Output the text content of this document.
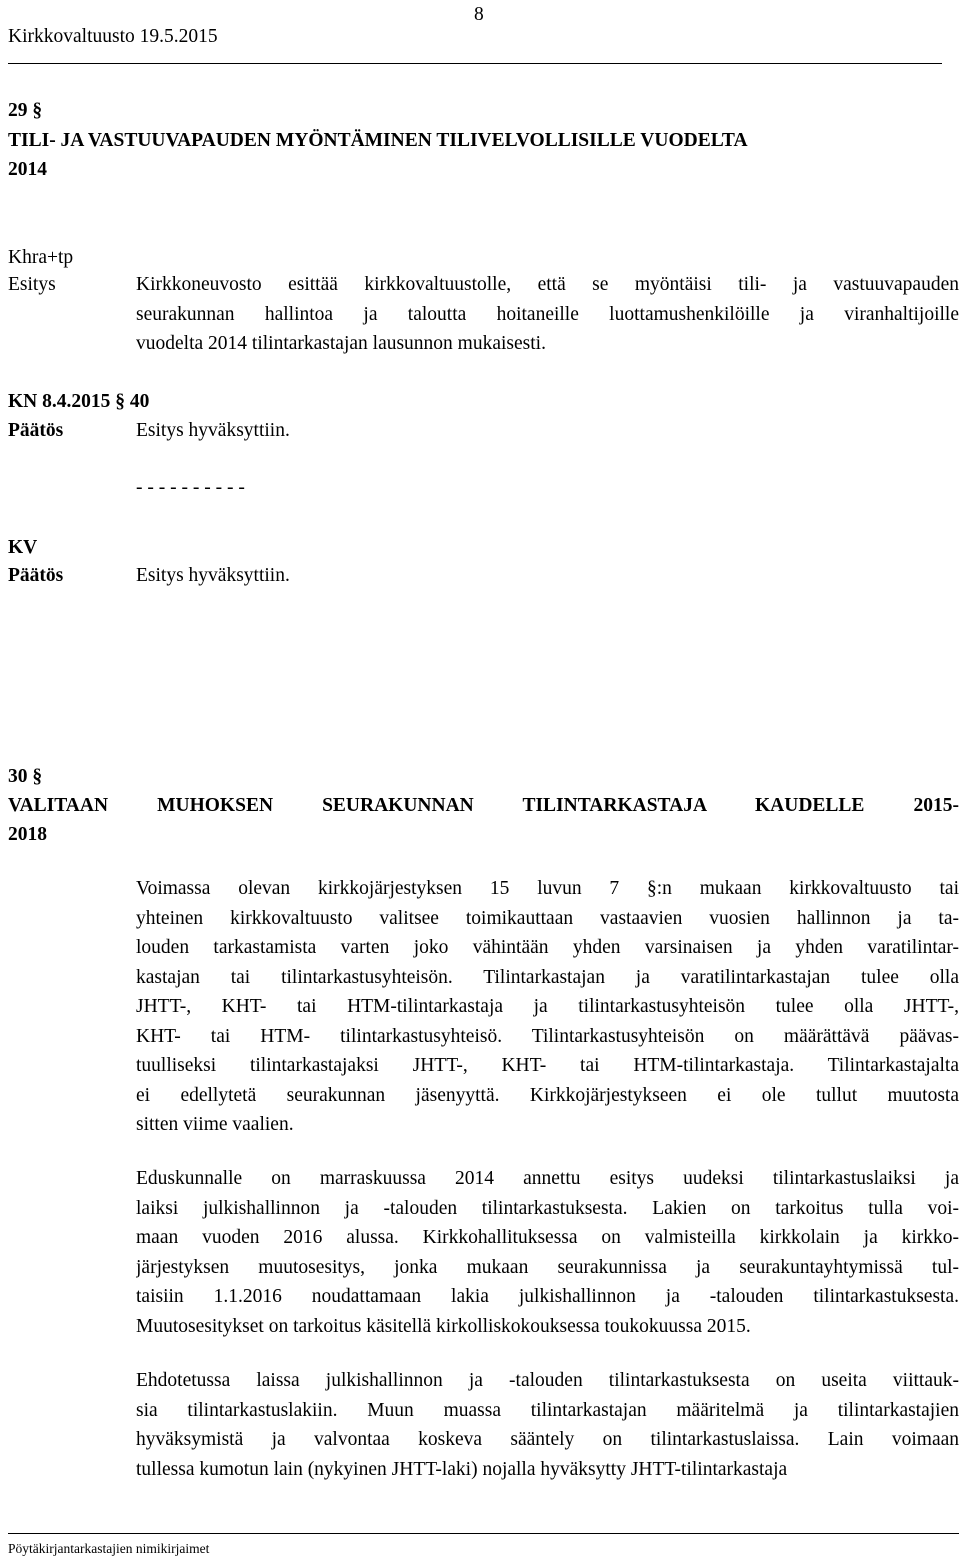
8
Kirkkovaltuusto 19.5.2015
29 §
TILI- JA VASTUUVAPAUDEN MYÖNTÄMINEN TILIVELVOLLISILLE VUODELTA
2014
Khra+tp
Esitys	Kirkkoneuvosto esittää kirkkovaltuustolle, että se myöntäisi tili- ja vastuuvapauden
seurakunnan hallintoa ja taloutta hoitaneille luottamushenkilöille ja viranhaltijoille
vuodelta 2014 tilintarkastajan lausunnon mukaisesti.
KN 8.4.2015 § 40
Päätös	Esitys hyväksyttiin.
- - - - - - - - - -
KV
Päätös	Esitys hyväksyttiin.
30 §
VALITAAN MUHOKSEN SEURAKUNNAN TILINTARKASTAJA KAUDELLE 2015-
2018
Voimassa olevan kirkkojärjestyksen 15 luvun 7 §:n mukaan kirkkovaltuusto tai
yhteinen kirkkovaltuusto valitsee toimikauttaan vastaavien vuosien hallinnon ja ta-
louden tarkastamista varten joko vähintään yhden varsinaisen ja yhden varatilintar-
kastajan tai tilintarkastusyhteisön. Tilintarkastajan ja varatilintarkastajan tulee olla
JHTT-, KHT- tai HTM-tilintarkastaja ja tilintarkastusyhteisön tulee olla JHTT-,
KHT- tai HTM- tilintarkastusyhteisö. Tilintarkastusyhteisön on määrättävä päävas-
tuulliseksi tilintarkastajaksi JHTT-, KHT- tai HTM-tilintarkastaja. Tilintarkastajalta
ei edellytetä seurakunnan jäsenyyttä. Kirkkojärjestykseen ei ole tullut muutosta
sitten viime vaalien.
Eduskunnalle on marraskuussa 2014 annettu esitys uudeksi tilintarkastuslaiksi ja
laiksi julkishallinnon ja -talouden tilintarkastuksesta. Lakien on tarkoitus tulla voi-
maan vuoden 2016 alussa. Kirkkohallituksessa on valmisteilla kirkkolain ja kirkko-
järjestyksen muutosesitys, jonka mukaan seurakunnissa ja seurakuntayhtymissä tul-
taisiin 1.1.2016 noudattamaan lakia julkishallinnon ja -talouden tilintarkastuksesta.
Muutosesitykset on tarkoitus käsitellä kirkolliskokouksessa toukokuussa 2015.
Ehdotetussa laissa julkishallinnon ja -talouden tilintarkastuksesta on useita viittauk-
sia tilintarkastuslakiin. Muun muassa tilintarkastajan määritelmä ja tilintarkastajien
hyväksymistä ja valvontaa koskeva sääntely on tilintarkastuslaissa. Lain voimaan
tullessa kumotun lain (nykyinen JHTT-laki) nojalla hyväksytty JHTT-tilintarkastaja
Pöytäkirjantarkastajien nimikirjaimet
